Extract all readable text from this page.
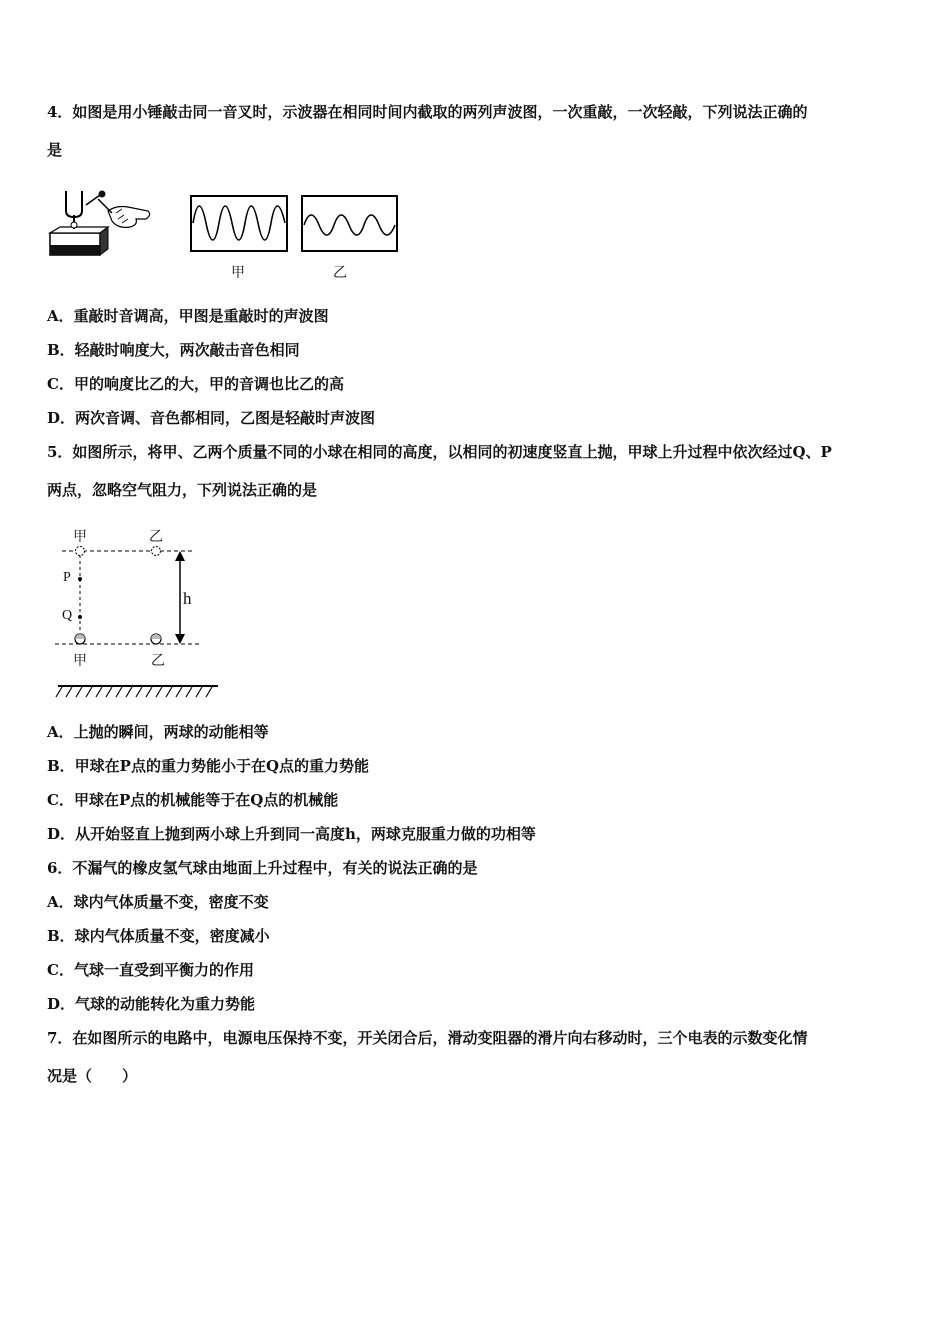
4．如图是用小锤敲击同一音叉时，示波器在相同时间内截取的两列声波图，一次重敲，一次轻敲，下列说法正确的
是
甲	乙
A．重敲时音调高，甲图是重敲时的声波图
B．轻敲时响度大，两次敲击音色相同
C．甲的响度比乙的大，甲的音调也比乙的高
D．两次音调、音色都相同，乙图是轻敲时声波图
5．如图所示，将甲、乙两个质量不同的小球在相同的高度，以相同的初速度竖直上抛，甲球上升过程中依次经过Q、P
两点，忽略空气阻力，下列说法正确的是
甲	乙
P
Q
h
甲	乙
A．上抛的瞬间，两球的动能相等
B．甲球在P点的重力势能小于在Q点的重力势能
C．甲球在P点的机械能等于在Q点的机械能
D．从开始竖直上抛到两小球上升到同一高度h，两球克服重力做的功相等
6．不漏气的橡皮氢气球由地面上升过程中，有关的说法正确的是
A．球内气体质量不变，密度不变
B．球内气体质量不变，密度减小
C．气球一直受到平衡力的作用
D．气球的动能转化为重力势能
7．在如图所示的电路中，电源电压保持不变，开关闭合后，滑动变阻器的滑片向右移动时，三个电表的示数变化情
况是（　　）
